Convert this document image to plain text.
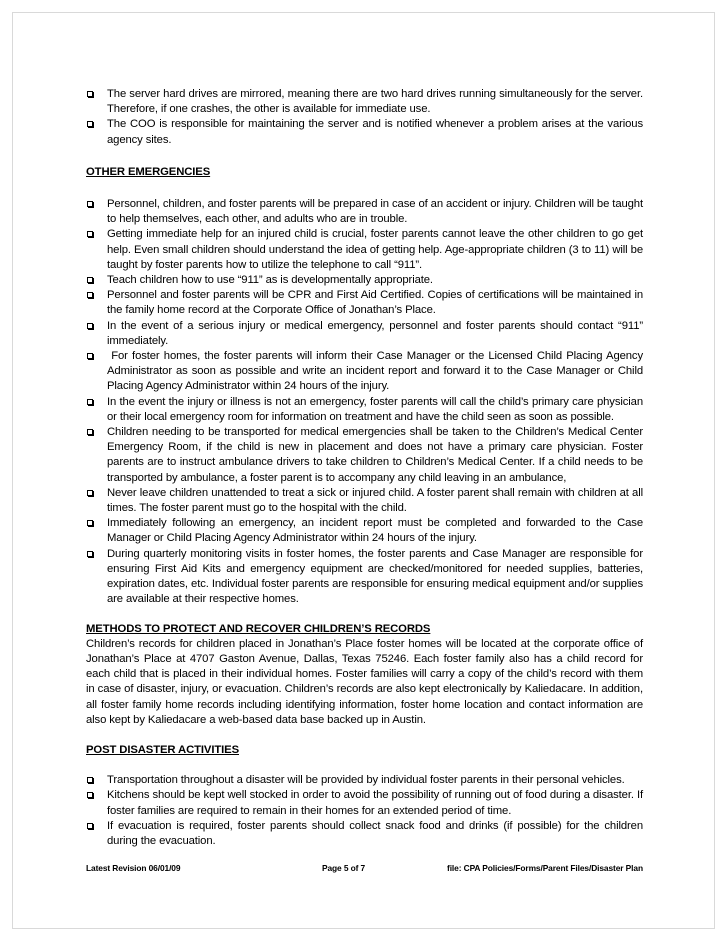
The server hard drives are mirrored, meaning there are two hard drives running simultaneously for the server. Therefore, if one crashes, the other is available for immediate use.
The COO is responsible for maintaining the server and is notified whenever a problem arises at the various agency sites.

OTHER EMERGENCIES

Personnel, children, and foster parents will be prepared in case of an accident or injury. Children will be taught to help themselves, each other, and adults who are in trouble.
Getting immediate help for an injured child is crucial, foster parents cannot leave the other children to go get help. Even small children should understand the idea of getting help. Age-appropriate children (3 to 11) will be taught by foster parents how to utilize the telephone to call “911”.
Teach children how to use “911” as is developmentally appropriate.
Personnel and foster parents will be CPR and First Aid Certified. Copies of certifications will be maintained in the family home record at the Corporate Office of Jonathan’s Place.
In the event of a serious injury or medical emergency, personnel and foster parents should contact “911” immediately.
For foster homes, the foster parents will inform their Case Manager or the Licensed Child Placing Agency Administrator as soon as possible and write an incident report and forward it to the Case Manager or Child Placing Agency Administrator within 24 hours of the injury.
In the event the injury or illness is not an emergency, foster parents will call the child’s primary care physician or their local emergency room for information on treatment and have the child seen as soon as possible.
Children needing to be transported for medical emergencies shall be taken to the Children’s Medical Center Emergency Room, if the child is new in placement and does not have a primary care physician. Foster parents are to instruct ambulance drivers to take children to Children’s Medical Center. If a child needs to be transported by ambulance, a foster parent is to accompany any child leaving in an ambulance,
Never leave children unattended to treat a sick or injured child. A foster parent shall remain with children at all times. The foster parent must go to the hospital with the child.
Immediately following an emergency, an incident report must be completed and forwarded to the Case Manager or Child Placing Agency Administrator within 24 hours of the injury.
During quarterly monitoring visits in foster homes, the foster parents and Case Manager are responsible for ensuring First Aid Kits and emergency equipment are checked/monitored for needed supplies, batteries, expiration dates, etc. Individual foster parents are responsible for ensuring medical equipment and/or supplies are available at their respective homes.

METHODS TO PROTECT AND RECOVER CHILDREN’S RECORDS

Children’s records for children placed in Jonathan’s Place foster homes will be located at the corporate office of Jonathan’s Place at 4707 Gaston Avenue, Dallas, Texas 75246. Each foster family also has a child record for each child that is placed in their individual homes. Foster families will carry a copy of the child’s record with them in case of disaster, injury, or evacuation. Children’s records are also kept electronically by Kaliedacare. In addition, all foster family home records including identifying information, foster home location and contact information are also kept by Kaliedacare a web-based data base backed up in Austin.

POST DISASTER ACTIVITIES

Transportation throughout a disaster will be provided by individual foster parents in their personal vehicles.
Kitchens should be kept well stocked in order to avoid the possibility of running out of food during a disaster. If foster families are required to remain in their homes for an extended period of time.
If evacuation is required, foster parents should collect snack food and drinks (if possible) for the children during the evacuation.
Latest Revision 06/01/09	Page 5 of 7	file: CPA Policies/Forms/Parent Files/Disaster Plan
